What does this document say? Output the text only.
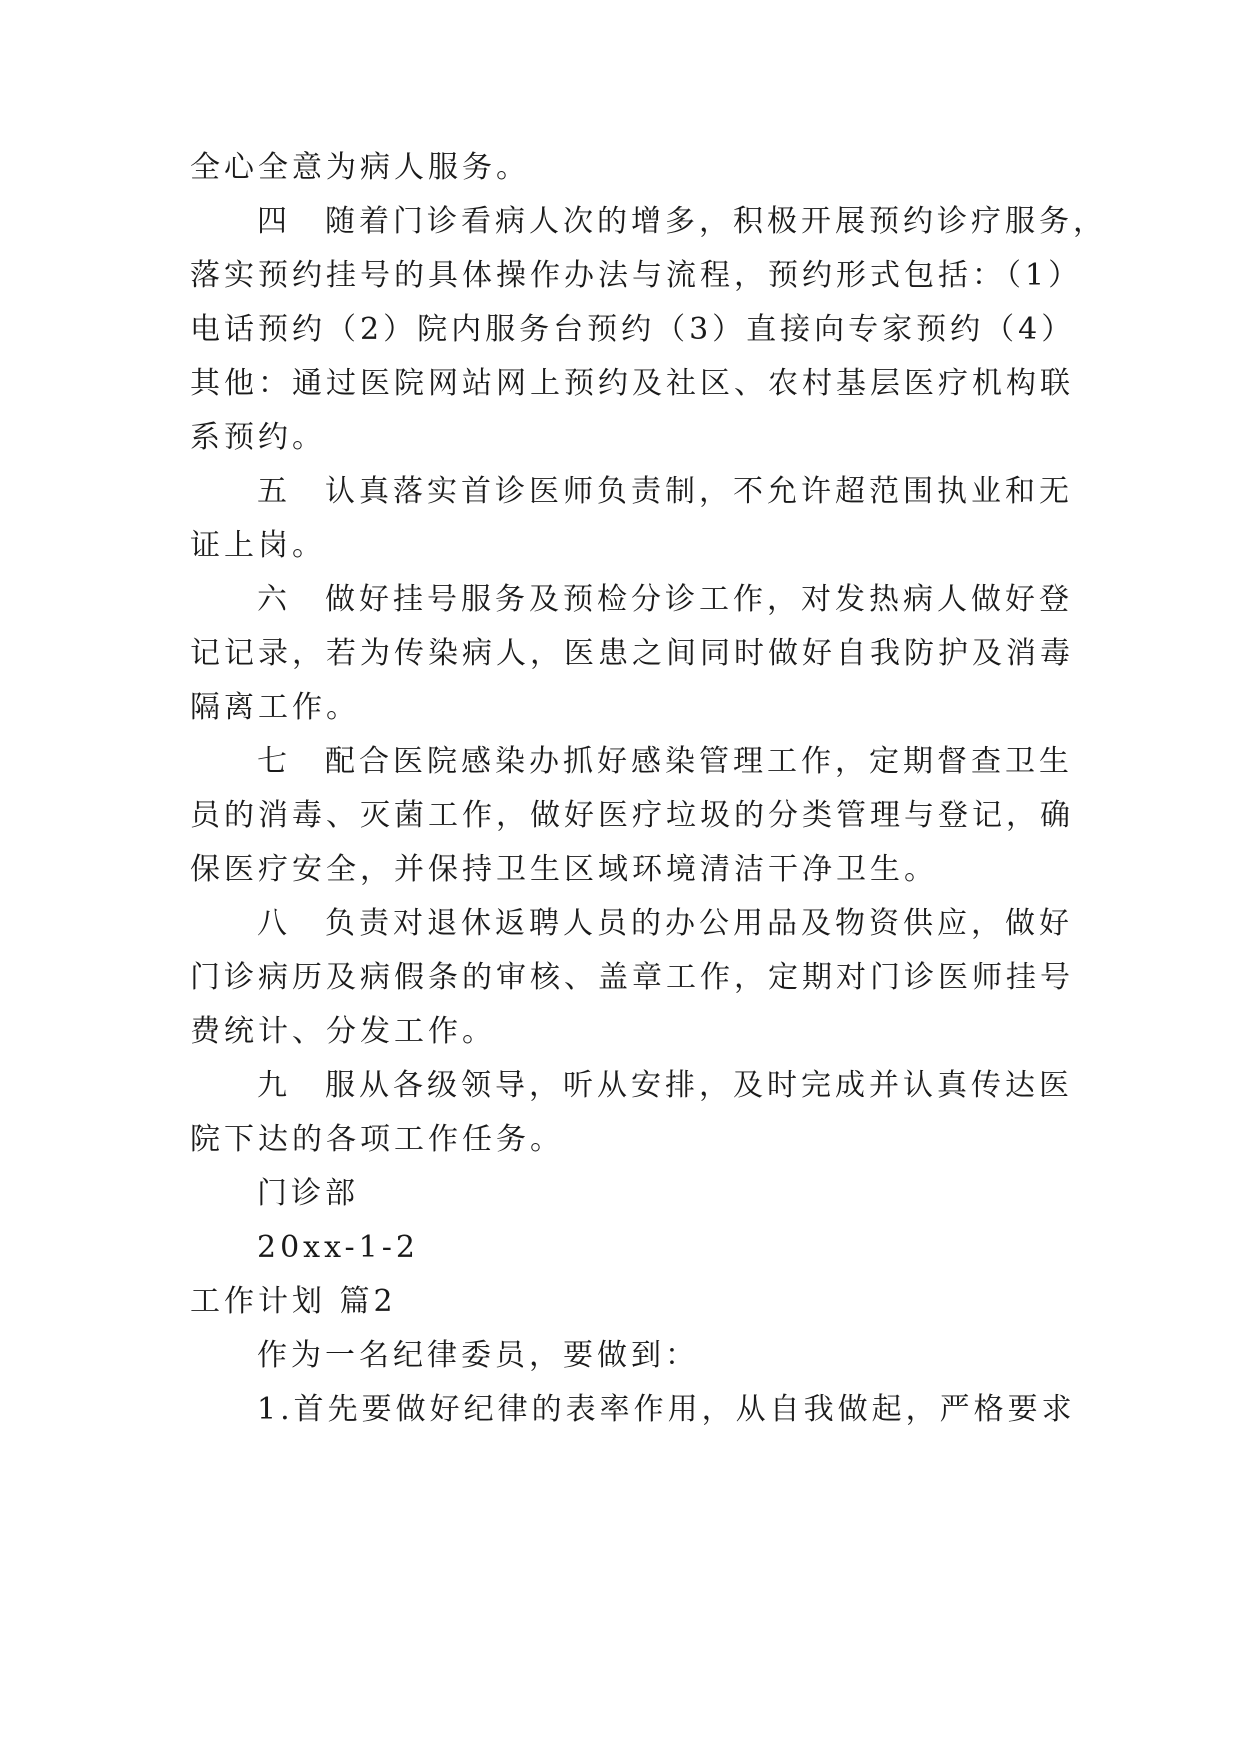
全心全意为病人服务。
四　随着门诊看病人次的增多，积极开展预约诊疗服务，
落实预约挂号的具体操作办法与流程，预约形式包括：（1）
电话预约（2）院内服务台预约（3）直接向专家预约（4）
其他：通过医院网站网上预约及社区、农村基层医疗机构联
系预约。
五　认真落实首诊医师负责制，不允许超范围执业和无
证上岗。
六　做好挂号服务及预检分诊工作，对发热病人做好登
记记录，若为传染病人，医患之间同时做好自我防护及消毒
隔离工作。
七　配合医院感染办抓好感染管理工作，定期督查卫生
员的消毒、灭菌工作，做好医疗垃圾的分类管理与登记，确
保医疗安全，并保持卫生区域环境清洁干净卫生。
八　负责对退休返聘人员的办公用品及物资供应，做好
门诊病历及病假条的审核、盖章工作，定期对门诊医师挂号
费统计、分发工作。
九　服从各级领导，听从安排，及时完成并认真传达医
院下达的各项工作任务。
门诊部
20xx-1-2
工作计划 篇2
作为一名纪律委员，要做到：
1.首先要做好纪律的表率作用，从自我做起，严格要求
